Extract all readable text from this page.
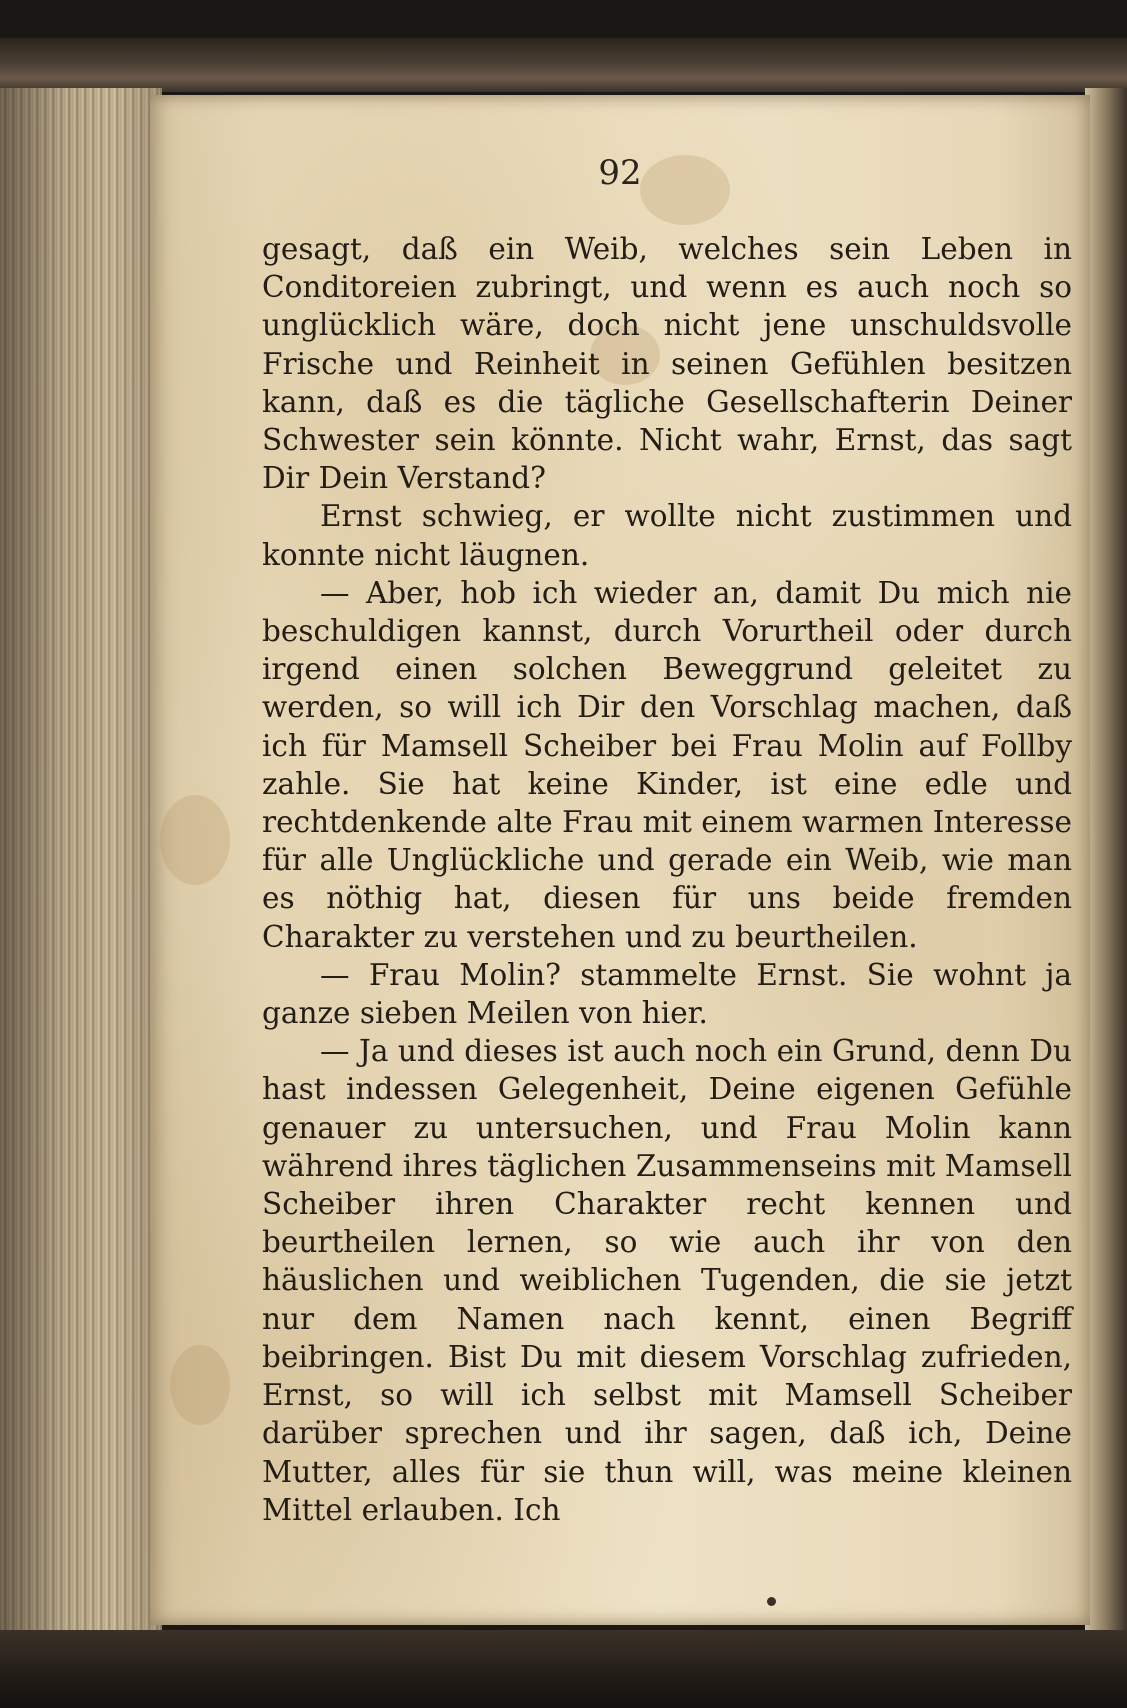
92

gesagt, daß ein Weib, welches sein Leben in Conditoreien zubringt, und wenn es auch noch so unglücklich wäre, doch nicht jene unschuldsvolle Frische und Reinheit in seinen Gefühlen besitzen kann, daß es die tägliche Gesellschafterin Deiner Schwester sein könnte. Nicht wahr, Ernst, das sagt Dir Dein Verstand?

Ernst schwieg, er wollte nicht zustimmen und konnte nicht läugnen.

— Aber, hob ich wieder an, damit Du mich nie beschuldigen kannst, durch Vorurtheil oder durch irgend einen solchen Beweggrund geleitet zu werden, so will ich Dir den Vorschlag machen, daß ich für Mamsell Scheiber bei Frau Molin auf Follby zahle. Sie hat keine Kinder, ist eine edle und rechtdenkende alte Frau mit einem warmen Interesse für alle Unglückliche und gerade ein Weib, wie man es nöthig hat, diesen für uns beide fremden Charakter zu verstehen und zu beurtheilen.

— Frau Molin? stammelte Ernst. Sie wohnt ja ganze sieben Meilen von hier.

— Ja und dieses ist auch noch ein Grund, denn Du hast indessen Gelegenheit, Deine eigenen Gefühle genauer zu untersuchen, und Frau Molin kann während ihres täglichen Zusammenseins mit Mamsell Scheiber ihren Charakter recht kennen und beurtheilen lernen, so wie auch ihr von den häuslichen und weiblichen Tugenden, die sie jetzt nur dem Namen nach kennt, einen Begriff beibringen. Bist Du mit diesem Vorschlag zufrieden, Ernst, so will ich selbst mit Mamsell Scheiber darüber sprechen und ihr sagen, daß ich, Deine Mutter, alles für sie thun will, was meine kleinen Mittel erlauben. Ich
